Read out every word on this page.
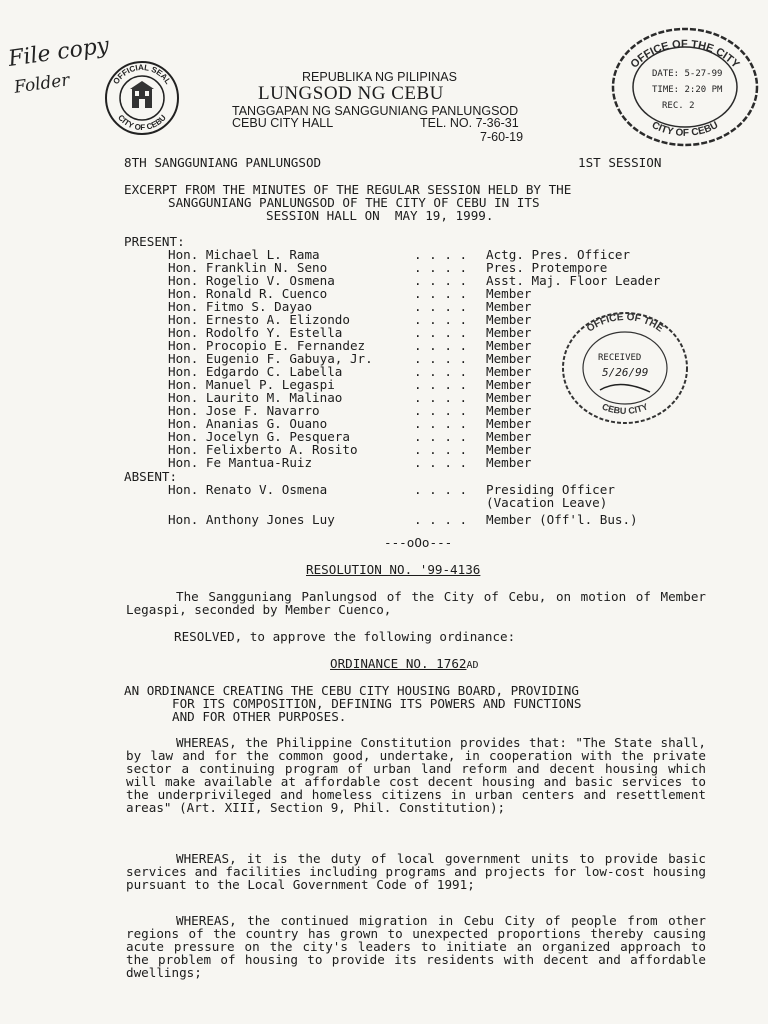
File copy
Folder	OFFICIAL SEAL
CITY OF CEBU
OFFICE OF THE CITY
CITY OF CEBU
DATE: 5-27-99
TIME: 2:20 PM
REC. 2
OFFICE OF THE
CEBU CITY
RECEIVED
5/26/99
REPUBLIKA NG PILIPINAS
LUNGSOD NG CEBU
TANGGAPAN NG SANGGUNIANG PANLUNGSOD
CEBU CITY HALL	TEL. NO. 7-36-31
7-60-19
8TH SANGGUNIANG PANLUNGSOD	1ST SESSION
EXCERPT FROM THE MINUTES OF THE REGULAR SESSION HELD BY THE
SANGGUNIANG PANLUNGSOD OF THE CITY OF CEBU IN ITS
SESSION HALL ON  MAY 19, 1999.
PRESENT:
Hon. Michael L. Rama	. . . .	Actg. Pres. Officer
Hon. Franklin N. Seno	. . . .	Pres. Protempore
Hon. Rogelio V. Osmena	. . . .	Asst. Maj. Floor Leader
Hon. Ronald R. Cuenco	. . . .	Member
Hon. Fitmo S. Dayao	. . . .	Member
Hon. Ernesto A. Elizondo	. . . .	Member
Hon. Rodolfo Y. Estella	. . . .	Member
Hon. Procopio E. Fernandez	. . . .	Member
Hon. Eugenio F. Gabuya, Jr.	. . . .	Member
Hon. Edgardo C. Labella	. . . .	Member
Hon. Manuel P. Legaspi	. . . .	Member
Hon. Laurito M. Malinao	. . . .	Member
Hon. Jose F. Navarro	. . . .	Member
Hon. Ananias G. Ouano	. . . .	Member
Hon. Jocelyn G. Pesquera	. . . .	Member
Hon. Felixberto A. Rosito	. . . .	Member
Hon. Fe Mantua-Ruiz	. . . .	Member
ABSENT:
Hon. Renato V. Osmena	. . . .	Presiding Officer
(Vacation Leave)
Hon. Anthony Jones Luy	. . . .	Member (Off'l. Bus.)
---oOo---
RESOLUTION NO. '99-4136

The Sangguniang Panlungsod of the City of Cebu, on motion of Member Legaspi, seconded by Member Cuenco,

RESOLVED, to approve the following ordinance:
ORDINANCE NO. 1762AD
AN ORDINANCE CREATING THE CEBU CITY HOUSING BOARD, PROVIDING
FOR ITS COMPOSITION, DEFINING ITS POWERS AND FUNCTIONS
AND FOR OTHER PURPOSES.

WHEREAS, the Philippine Constitution provides that: "The State shall, by law and for the common good, undertake, in cooperation with the private sector a continuing program of urban land reform and decent housing which will make available at affordable cost decent housing and basic services to the underprivileged and homeless citizens in urban centers and resettlement areas" (Art. XIII, Section 9, Phil. Constitution);

WHEREAS, it is the duty of local government units to provide basic services and facilities including programs and projects for low-cost housing pursuant to the Local Government Code of 1991;

WHEREAS, the continued migration in Cebu City of people from other regions of the country has grown to unexpected proportions thereby causing acute pressure on the city's leaders to initiate an organized approach to the problem of housing to provide its residents with decent and affordable dwellings;
